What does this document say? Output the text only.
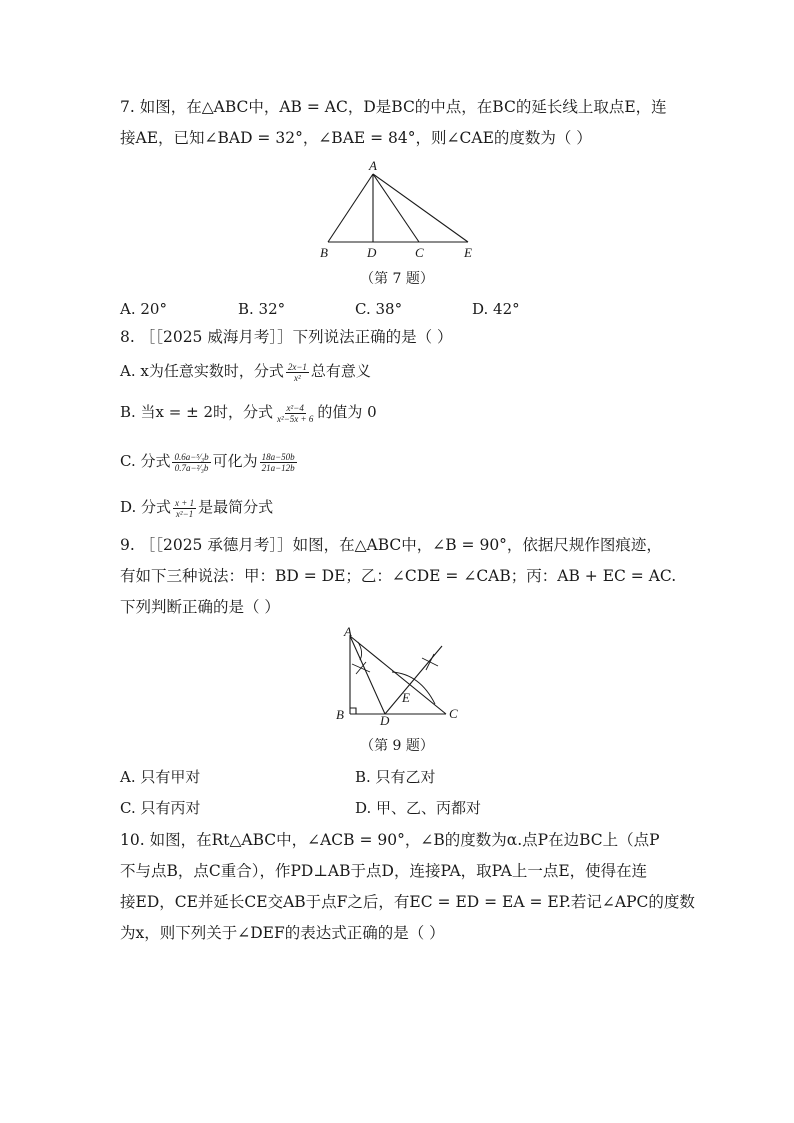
7. 如图，在△ABC中，AB = AC，D是BC的中点，在BC的延长线上取点E，连
接AE，已知∠BAD = 32°，∠BAE = 84°，则∠CAE的度数为（ ）
A
B	D	C	E
（第 7 题）
A. 20°	B. 32°	C. 38°	D. 42°
8. ［［2025 威海月考］］下列说法正确的是（ ）
A. x为任意实数时，分式 $\frac{2x-1}{\text{x²}}$ 总有意义
B. 当x = ± 2时，分式 $\frac{\text{x²−4}}{\text{x²−5x + 6}}$ 的值为 0
C. 分式 $\frac{\text{0.6a−⁵⁄₃b}}{\text{0.7a−²⁄₃b}}$ 可化为 $\frac{18a-50b}{21a-12b}$
D. 分式 $\frac{x + 1}{\text{x²−1}}$ 是最简分式
9. ［［2025 承德月考］］如图，在△ABC中，∠B = 90°，依据尺规作图痕迹，
有如下三种说法：甲：BD = DE；乙：∠CDE = ∠CAB；丙：AB + EC = AC.
下列判断正确的是（ ）
A
B	D
E
C
（第 9 题）
A. 只有甲对	B. 只有乙对
C. 只有丙对	D. 甲、乙、丙都对
10. 如图，在Rt△ABC中，∠ACB = 90°，∠B的度数为α.点P在边BC上（点P
不与点B，点C重合），作PD⊥AB于点D，连接PA，取PA上一点E，使得在连
接ED，CE并延长CE交AB于点F之后，有EC = ED = EA = EP.若记∠APC的度数
为x，则下列关于∠DEF的表达式正确的是（ ）
